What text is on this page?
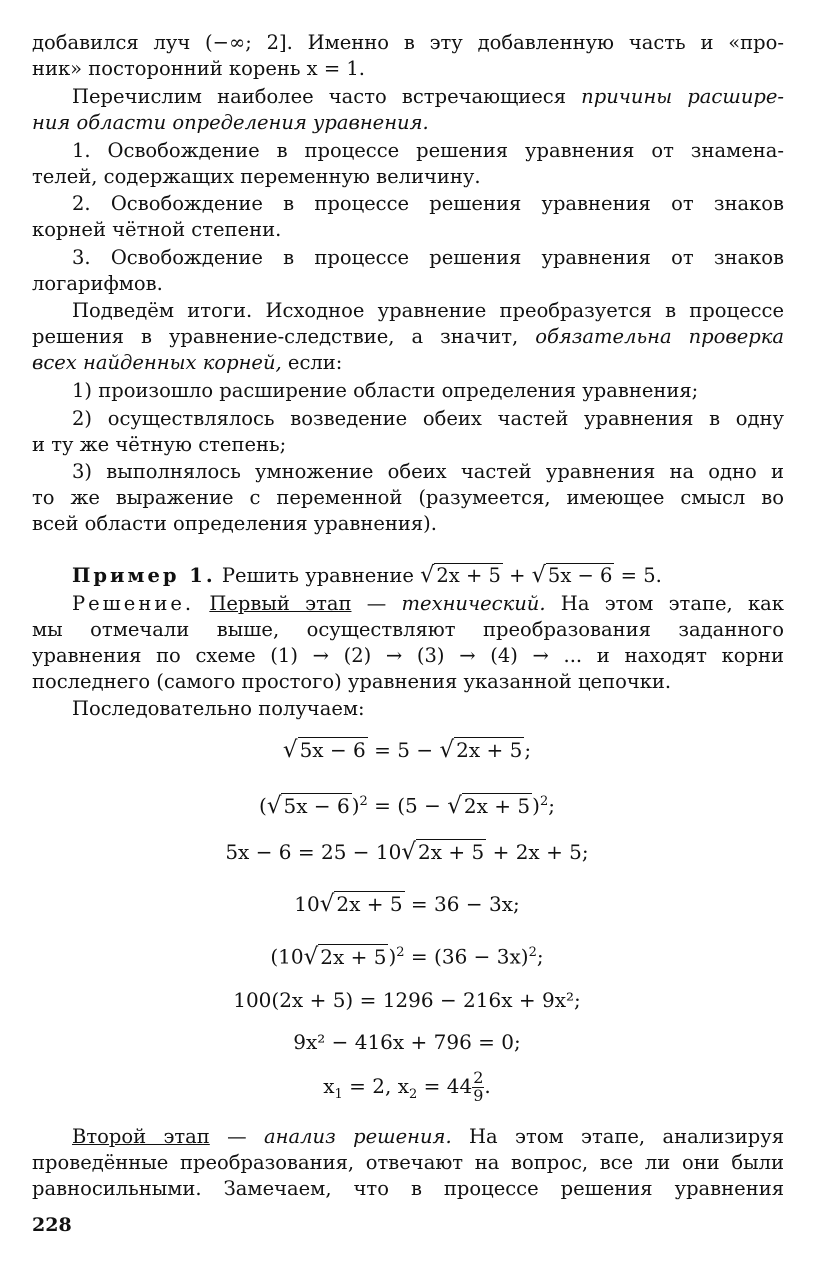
добавился луч (−∞; 2]. Именно в эту добавленную часть и «про-
ник» посторонний корень x = 1.
Перечислим наиболее часто встречающиеся причины расшире-
ния области определения уравнения.
1. Освобождение в процессе решения уравнения от знамена-
телей, содержащих переменную величину.
2. Освобождение в процессе решения уравнения от знаков
корней чётной степени.
3. Освобождение в процессе решения уравнения от знаков
логарифмов.
Подведём итоги. Исходное уравнение преобразуется в процессе
решения в уравнение-следствие, а значит, обязательна проверка
всех найденных корней, если:
1) произошло расширение области определения уравнения;
2) осуществлялось возведение обеих частей уравнения в одну
и ту же чётную степень;
3) выполнялось умножение обеих частей уравнения на одно и
то же выражение с переменной (разумеется, имеющее смысл во
всей области определения уравнения).
Пример 1. Решить уравнение √ 2x + 5 + √ 5x − 6 = 5.
Решение. Первый этап — технический. На этом этапе, как
мы отмечали выше, осуществляют преобразования заданного
уравнения по схеме (1) → (2) → (3) → (4) → ... и находят корни
последнего (самого простого) уравнения указанной цепочки.
Последовательно получаем:
√ 5x − 6 = 5 − √ 2x + 5 ;
(√ 5x − 6 )$^2$ = (5 − √ 2x + 5 )$^2$;
5x − 6 = 25 − 10√ 2x + 5 + 2x + 5;
10√ 2x + 5 = 36 − 3x;
(10√ 2x + 5 )$^2 = (36 - 3x)^2$;
100(2x + 5) = 1296 − 216x + 9x²;
9x² − 416x + 796 = 0;
$x_1 = 2$, $x_2 = 44 \frac{2}{9}$ .
Второй этап — анализ решения. На этом этапе, анализируя
проведённые преобразования, отвечают на вопрос, все ли они были
равносильными. Замечаем, что в процессе решения уравнения
228
